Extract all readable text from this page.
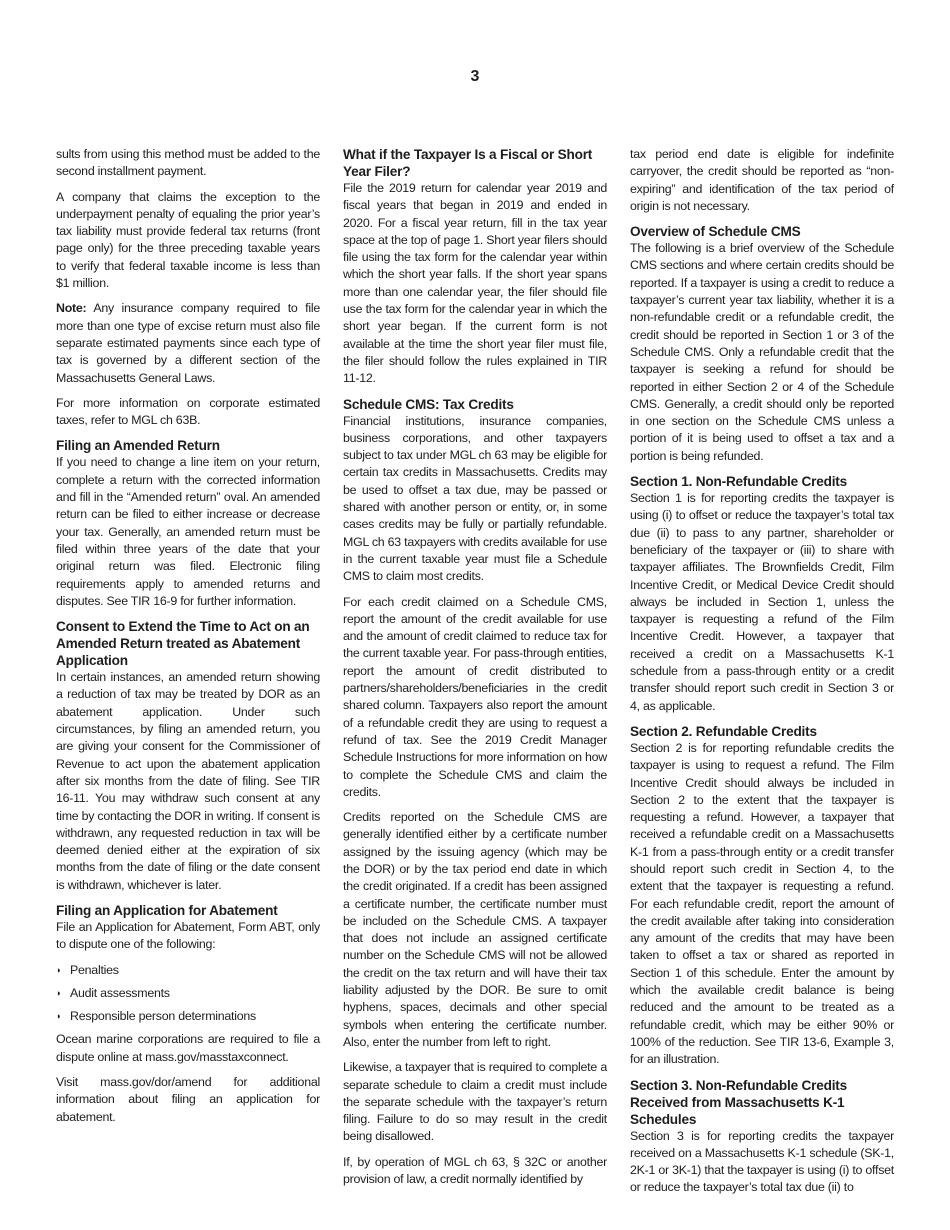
3

sults from using this method must be added to the second installment payment.

A company that claims the exception to the underpayment penalty of equaling the prior year’s tax liability must provide federal tax returns (front page only) for the three preceding taxable years to verify that federal taxable income is less than $1 million.

Note: Any insurance company required to file more than one type of excise return must also file separate estimated payments since each type of tax is governed by a different section of the Massachusetts General Laws.

For more information on corporate estimated taxes, refer to MGL ch 63B.

Filing an Amended Return

If you need to change a line item on your return, complete a return with the corrected information and fill in the “Amended return” oval. An amended return can be filed to either increase or decrease your tax. Generally, an amended return must be filed within three years of the date that your original return was filed. Electronic filing requirements apply to amended returns and disputes. See TIR 16-9 for further information.

Consent to Extend the Time to Act on an Amended Return treated as Abatement Application

In certain instances, an amended return showing a reduction of tax may be treated by DOR as an abatement application. Under such circumstances, by filing an amended return, you are giving your consent for the Commissioner of Revenue to act upon the abatement application after six months from the date of filing. See TIR 16-11. You may withdraw such consent at any time by contacting the DOR in writing. If consent is withdrawn, any requested reduction in tax will be deemed denied either at the expiration of six months from the date of filing or the date consent is withdrawn, whichever is later.

Filing an Application for Abatement

File an Application for Abatement, Form ABT, only to dispute one of the following:

◗ Penalties
◗ Audit assessments
◗ Responsible person determinations

Ocean marine corporations are required to file a dispute online at mass.gov/masstaxconnect.

Visit mass.gov/dor/amend for additional information about filing an application for abatement.

What if the Taxpayer Is a Fiscal or Short Year Filer?

File the 2019 return for calendar year 2019 and fiscal years that began in 2019 and ended in 2020. For a fiscal year return, fill in the tax year space at the top of page 1. Short year filers should file using the tax form for the calendar year within which the short year falls. If the short year spans more than one calendar year, the filer should file use the tax form for the calendar year in which the short year began. If the current form is not available at the time the short year filer must file, the filer should follow the rules explained in TIR 11-12.

Schedule CMS: Tax Credits

Financial institutions, insurance companies, business corporations, and other taxpayers subject to tax under MGL ch 63 may be eligible for certain tax credits in Massachusetts. Credits may be used to offset a tax due, may be passed or shared with another person or entity, or, in some cases credits may be fully or partially refundable. MGL ch 63 taxpayers with credits available for use in the current taxable year must file a Schedule CMS to claim most credits.

For each credit claimed on a Schedule CMS, report the amount of the credit available for use and the amount of credit claimed to reduce tax for the current taxable year. For pass-through entities, report the amount of credit distributed to partners/shareholders/beneficiaries in the credit shared column. Taxpayers also report the amount of a refundable credit they are using to request a refund of tax. See the 2019 Credit Manager Schedule Instructions for more information on how to complete the Schedule CMS and claim the credits.

Credits reported on the Schedule CMS are generally identified either by a certificate number assigned by the issuing agency (which may be the DOR) or by the tax period end date in which the credit originated. If a credit has been assigned a certificate number, the certificate number must be included on the Schedule CMS. A taxpayer that does not include an assigned certificate number on the Schedule CMS will not be allowed the credit on the tax return and will have their tax liability adjusted by the DOR. Be sure to omit hyphens, spaces, decimals and other special symbols when entering the certificate number. Also, enter the number from left to right.

Likewise, a taxpayer that is required to complete a separate schedule to claim a credit must include the separate schedule with the taxpayer’s return filing. Failure to do so may result in the credit being disallowed.

If, by operation of MGL ch 63, § 32C or another provision of law, a credit normally identified by

tax period end date is eligible for indefinite carryover, the credit should be reported as “non-expiring” and identification of the tax period of origin is not necessary.

Overview of Schedule CMS

The following is a brief overview of the Schedule CMS sections and where certain credits should be reported. If a taxpayer is using a credit to reduce a taxpayer’s current year tax liability, whether it is a non-refundable credit or a refundable credit, the credit should be reported in Section 1 or 3 of the Schedule CMS. Only a refundable credit that the taxpayer is seeking a refund for should be reported in either Section 2 or 4 of the Schedule CMS. Generally, a credit should only be reported in one section on the Schedule CMS unless a portion of it is being used to offset a tax and a portion is being refunded.

Section 1. Non-Refundable Credits

Section 1 is for reporting credits the taxpayer is using (i) to offset or reduce the taxpayer’s total tax due (ii) to pass to any partner, shareholder or beneficiary of the taxpayer or (iii) to share with taxpayer affiliates. The Brownfields Credit, Film Incentive Credit, or Medical Device Credit should always be included in Section 1, unless the taxpayer is requesting a refund of the Film Incentive Credit. However, a taxpayer that received a credit on a Massachusetts K-1 schedule from a pass-through entity or a credit transfer should report such credit in Section 3 or 4, as applicable.

Section 2. Refundable Credits

Section 2 is for reporting refundable credits the taxpayer is using to request a refund. The Film Incentive Credit should always be included in Section 2 to the extent that the taxpayer is requesting a refund. However, a taxpayer that received a refundable credit on a Massachusetts K-1 from a pass-through entity or a credit transfer should report such credit in Section 4, to the extent that the taxpayer is requesting a refund. For each refundable credit, report the amount of the credit available after taking into consideration any amount of the credits that may have been taken to offset a tax or shared as reported in Section 1 of this schedule. Enter the amount by which the available credit balance is being reduced and the amount to be treated as a refundable credit, which may be either 90% or 100% of the reduction. See TIR 13-6, Example 3, for an illustration.

Section 3. Non-Refundable Credits Received from Massachusetts K-1 Schedules

Section 3 is for reporting credits the taxpayer received on a Massachusetts K-1 schedule (SK-1, 2K-1 or 3K-1) that the taxpayer is using (i) to offset or reduce the taxpayer’s total tax due (ii) to
